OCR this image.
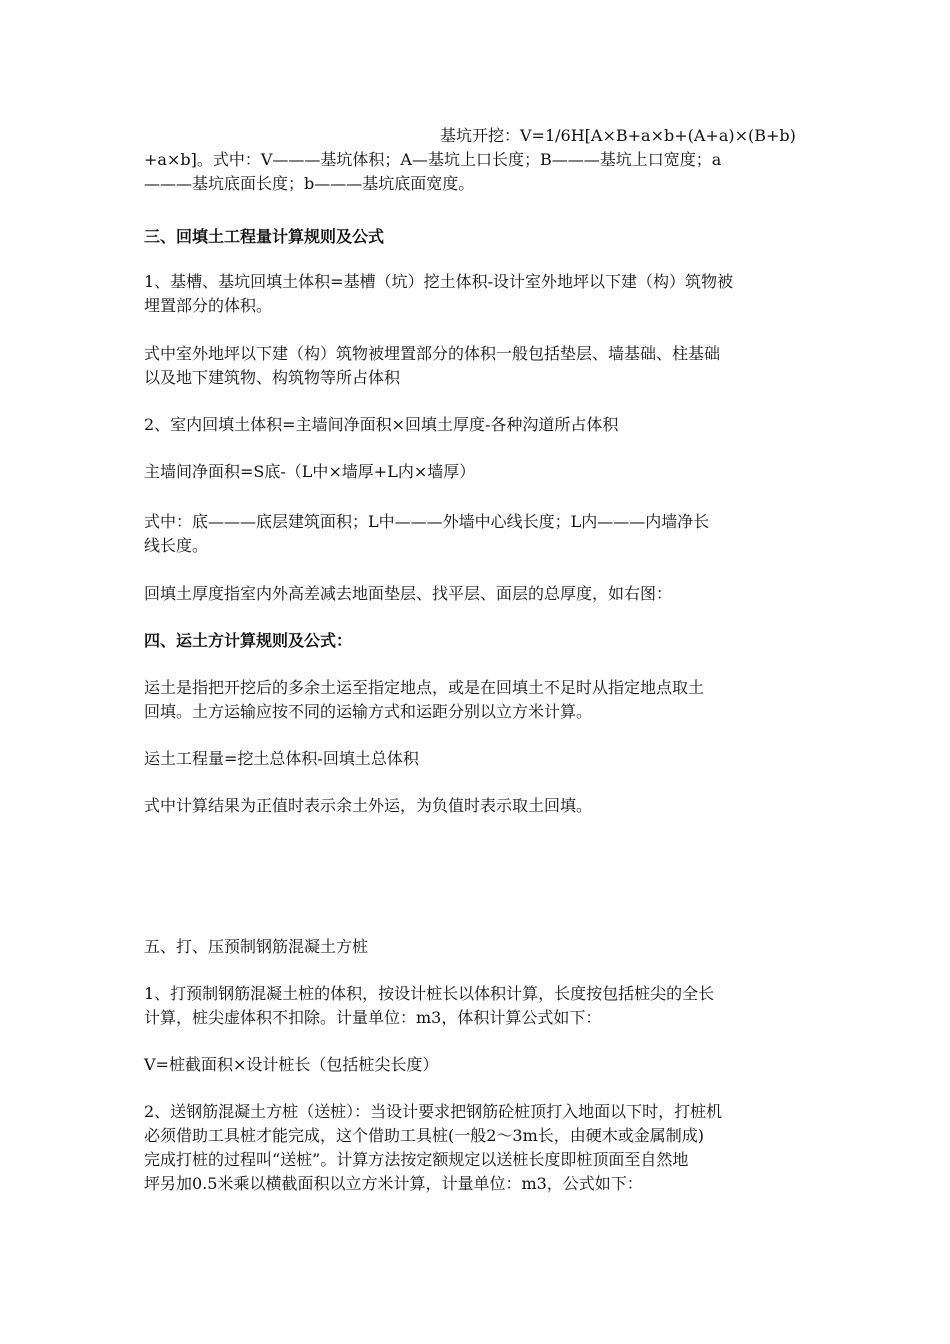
基坑开挖：V=1/6H[A×B+a×b+(A+a)×(B+b)
+a×b]。式中：V———基坑体积；A—基坑上口长度；B———基坑上口宽度；a
———基坑底面长度；b———基坑底面宽度。
三、回填土工程量计算规则及公式
1、基槽、基坑回填土体积=基槽（坑）挖土体积-设计室外地坪以下建（构）筑物被
埋置部分的体积。
式中室外地坪以下建（构）筑物被埋置部分的体积一般包括垫层、墙基础、柱基础
以及地下建筑物、构筑物等所占体积
2、室内回填土体积=主墙间净面积×回填土厚度-各种沟道所占体积
主墙间净面积=S底-（L中×墙厚+L内×墙厚）
式中：底———底层建筑面积；L中———外墙中心线长度；L内———内墙净长
线长度。
回填土厚度指室内外高差减去地面垫层、找平层、面层的总厚度，如右图：
四、运土方计算规则及公式：
运土是指把开挖后的多余土运至指定地点，或是在回填土不足时从指定地点取土
回填。土方运输应按不同的运输方式和运距分别以立方米计算。
运土工程量=挖土总体积-回填土总体积
式中计算结果为正值时表示余土外运，为负值时表示取土回填。
五、打、压预制钢筋混凝土方桩
1、打预制钢筋混凝土桩的体积，按设计桩长以体积计算，长度按包括桩尖的全长
计算，桩尖虚体积不扣除。计量单位：m3，体积计算公式如下：
V=桩截面积×设计桩长（包括桩尖长度）
2、送钢筋混凝土方桩（送桩）：当设计要求把钢筋砼桩顶打入地面以下时，打桩机
必须借助工具桩才能完成，这个借助工具桩(一般2～3m长，由硬木或金属制成)
完成打桩的过程叫“送桩”。计算方法按定额规定以送桩长度即桩顶面至自然地
坪另加0.5米乘以横截面积以立方米计算，计量单位：m3，公式如下：
